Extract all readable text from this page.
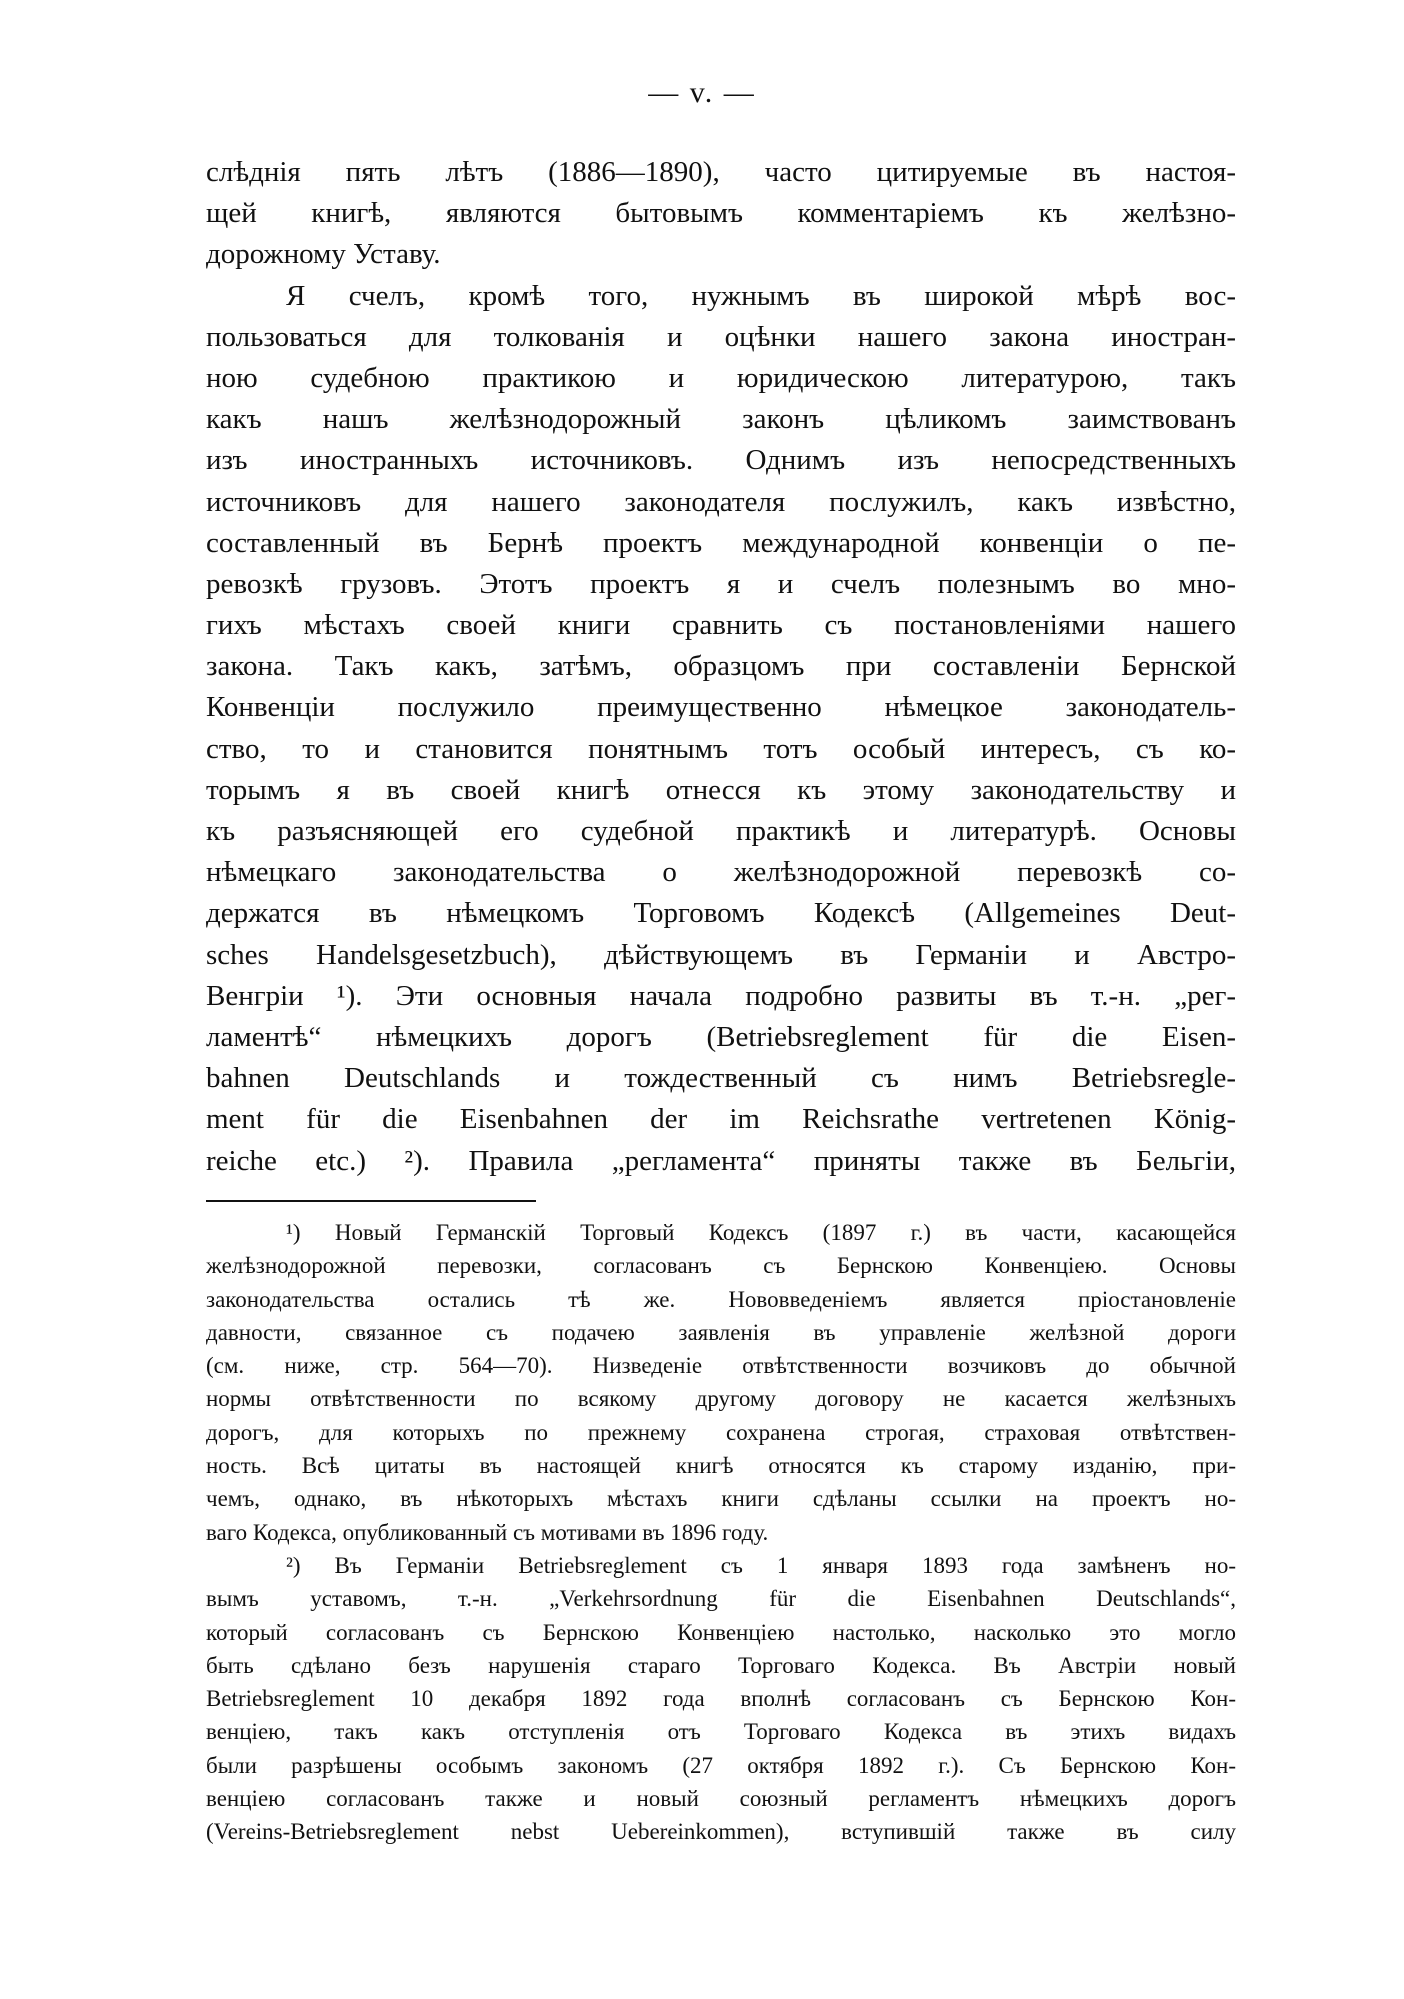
— v. —
слѣднія пять лѣтъ (1886—1890), часто цитируемые въ настоя-
щей книгѣ, являются бытовымъ комментаріемъ къ желѣзно-
дорожному Уставу.
Я счелъ, кромѣ того, нужнымъ въ широкой мѣрѣ вос-
пользоваться для толкованія и оцѣнки нашего закона иностран-
ною судебною практикою и юридическою литературою, такъ
какъ нашъ желѣзнодорожный законъ цѣликомъ заимствованъ
изъ иностранныхъ источниковъ. Однимъ изъ непосредственныхъ
источниковъ для нашего законодателя послужилъ, какъ извѣстно,
составленный въ Бернѣ проектъ международной конвенціи о пе-
ревозкѣ грузовъ. Этотъ проектъ я и счелъ полезнымъ во мно-
гихъ мѣстахъ своей книги сравнить съ постановленіями нашего
закона. Такъ какъ, затѣмъ, образцомъ при составленіи Бернской
Конвенціи послужило преимущественно нѣмецкое законодатель-
ство, то и становится понятнымъ тотъ особый интересъ, съ ко-
торымъ я въ своей книгѣ отнесся къ этому законодательству и
къ разъясняющей его судебной практикѣ и литературѣ. Основы
нѣмецкаго законодательства о желѣзнодорожной перевозкѣ со-
держатся въ нѣмецкомъ Торговомъ Кодексѣ (Allgemeines Deut-
sches Handelsgesetzbuch), дѣйствующемъ въ Германіи и Австро-
Венгріи ¹). Эти основныя начала подробно развиты въ т.-н. „рег-
ламентѣ“ нѣмецкихъ дорогъ (Betriebsreglement für die Eisen-
bahnen Deutschlands и тождественный съ нимъ Betriebsregle-
ment für die Eisenbahnen der im Reichsrathe vertretenen König-
reiche etc.) ²). Правила „регламента“ приняты также въ Бельгіи,
¹) Новый Германскій Торговый Кодексъ (1897 г.) въ части, касающейся
желѣзнодорожной перевозки, согласованъ съ Бернскою Конвенціею. Основы
законодательства остались тѣ же. Нововведеніемъ является пріостановленіе
давности, связанное съ подачею заявленія въ управленіе желѣзной дороги
(см. ниже, стр. 564—70). Низведеніе отвѣтственности возчиковъ до обычной
нормы отвѣтственности по всякому другому договору не касается желѣзныхъ
дорогъ, для которыхъ по прежнему сохранена строгая, страховая отвѣтствен-
ность. Всѣ цитаты въ настоящей книгѣ относятся къ старому изданію, при-
чемъ, однако, въ нѣкоторыхъ мѣстахъ книги сдѣланы ссылки на проектъ но-
ваго Кодекса, опубликованный съ мотивами въ 1896 году.
²) Въ Германіи Betriebsreglement съ 1 января 1893 года замѣненъ но-
вымъ уставомъ, т.-н. „Verkehrsordnung für die Eisenbahnen Deutschlands“,
который согласованъ съ Бернскою Конвенціею настолько, насколько это могло
быть сдѣлано безъ нарушенія стараго Торговаго Кодекса. Въ Австріи новый
Betriebsreglement 10 декабря 1892 года вполнѣ согласованъ съ Бернскою Кон-
венціею, такъ какъ отступленія отъ Торговаго Кодекса въ этихъ видахъ
были разрѣшены особымъ закономъ (27 октября 1892 г.). Съ Бернскою Кон-
венціею согласованъ также и новый союзный регламентъ нѣмецкихъ дорогъ
(Vereins-Betriebsreglement nebst Uebereinkommen), вступившій также въ силу
